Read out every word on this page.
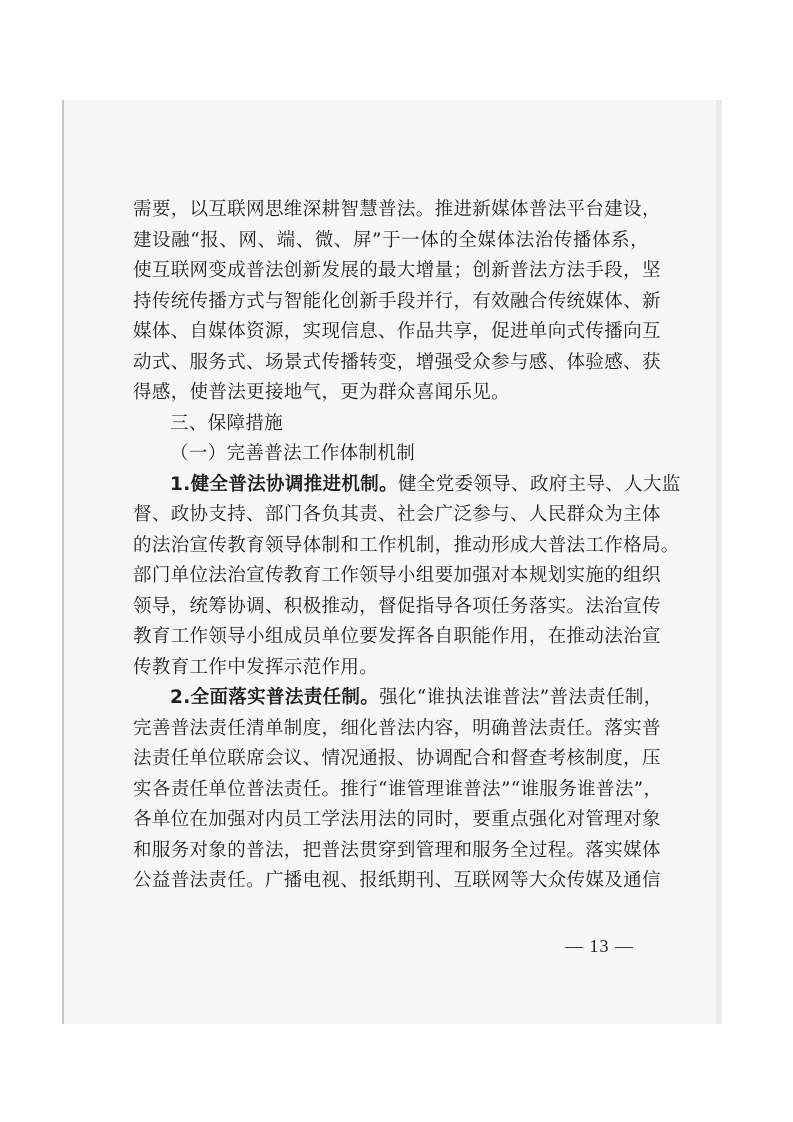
需要，以互联网思维深耕智慧普法。推进新媒体普法平台建设，
建设融“报、网、端、微、屏”于一体的全媒体法治传播体系，
使互联网变成普法创新发展的最大增量；创新普法方法手段，坚
持传统传播方式与智能化创新手段并行，有效融合传统媒体、新
媒体、自媒体资源，实现信息、作品共享，促进单向式传播向互
动式、服务式、场景式传播转变，增强受众参与感、体验感、获
得感，使普法更接地气，更为群众喜闻乐见。
三、保障措施
（一）完善普法工作体制机制
1.健全普法协调推进机制。健全党委领导、政府主导、人大监
督、政协支持、部门各负其责、社会广泛参与、人民群众为主体
的法治宣传教育领导体制和工作机制，推动形成大普法工作格局。
部门单位法治宣传教育工作领导小组要加强对本规划实施的组织
领导，统筹协调、积极推动，督促指导各项任务落实。法治宣传
教育工作领导小组成员单位要发挥各自职能作用，在推动法治宣
传教育工作中发挥示范作用。
2.全面落实普法责任制。强化“谁执法谁普法”普法责任制，
完善普法责任清单制度，细化普法内容，明确普法责任。落实普
法责任单位联席会议、情况通报、协调配合和督查考核制度，压
实各责任单位普法责任。推行“谁管理谁普法”“谁服务谁普法”，
各单位在加强对内员工学法用法的同时，要重点强化对管理对象
和服务对象的普法，把普法贯穿到管理和服务全过程。落实媒体
公益普法责任。广播电视、报纸期刊、互联网等大众传媒及通信
— 13 —
